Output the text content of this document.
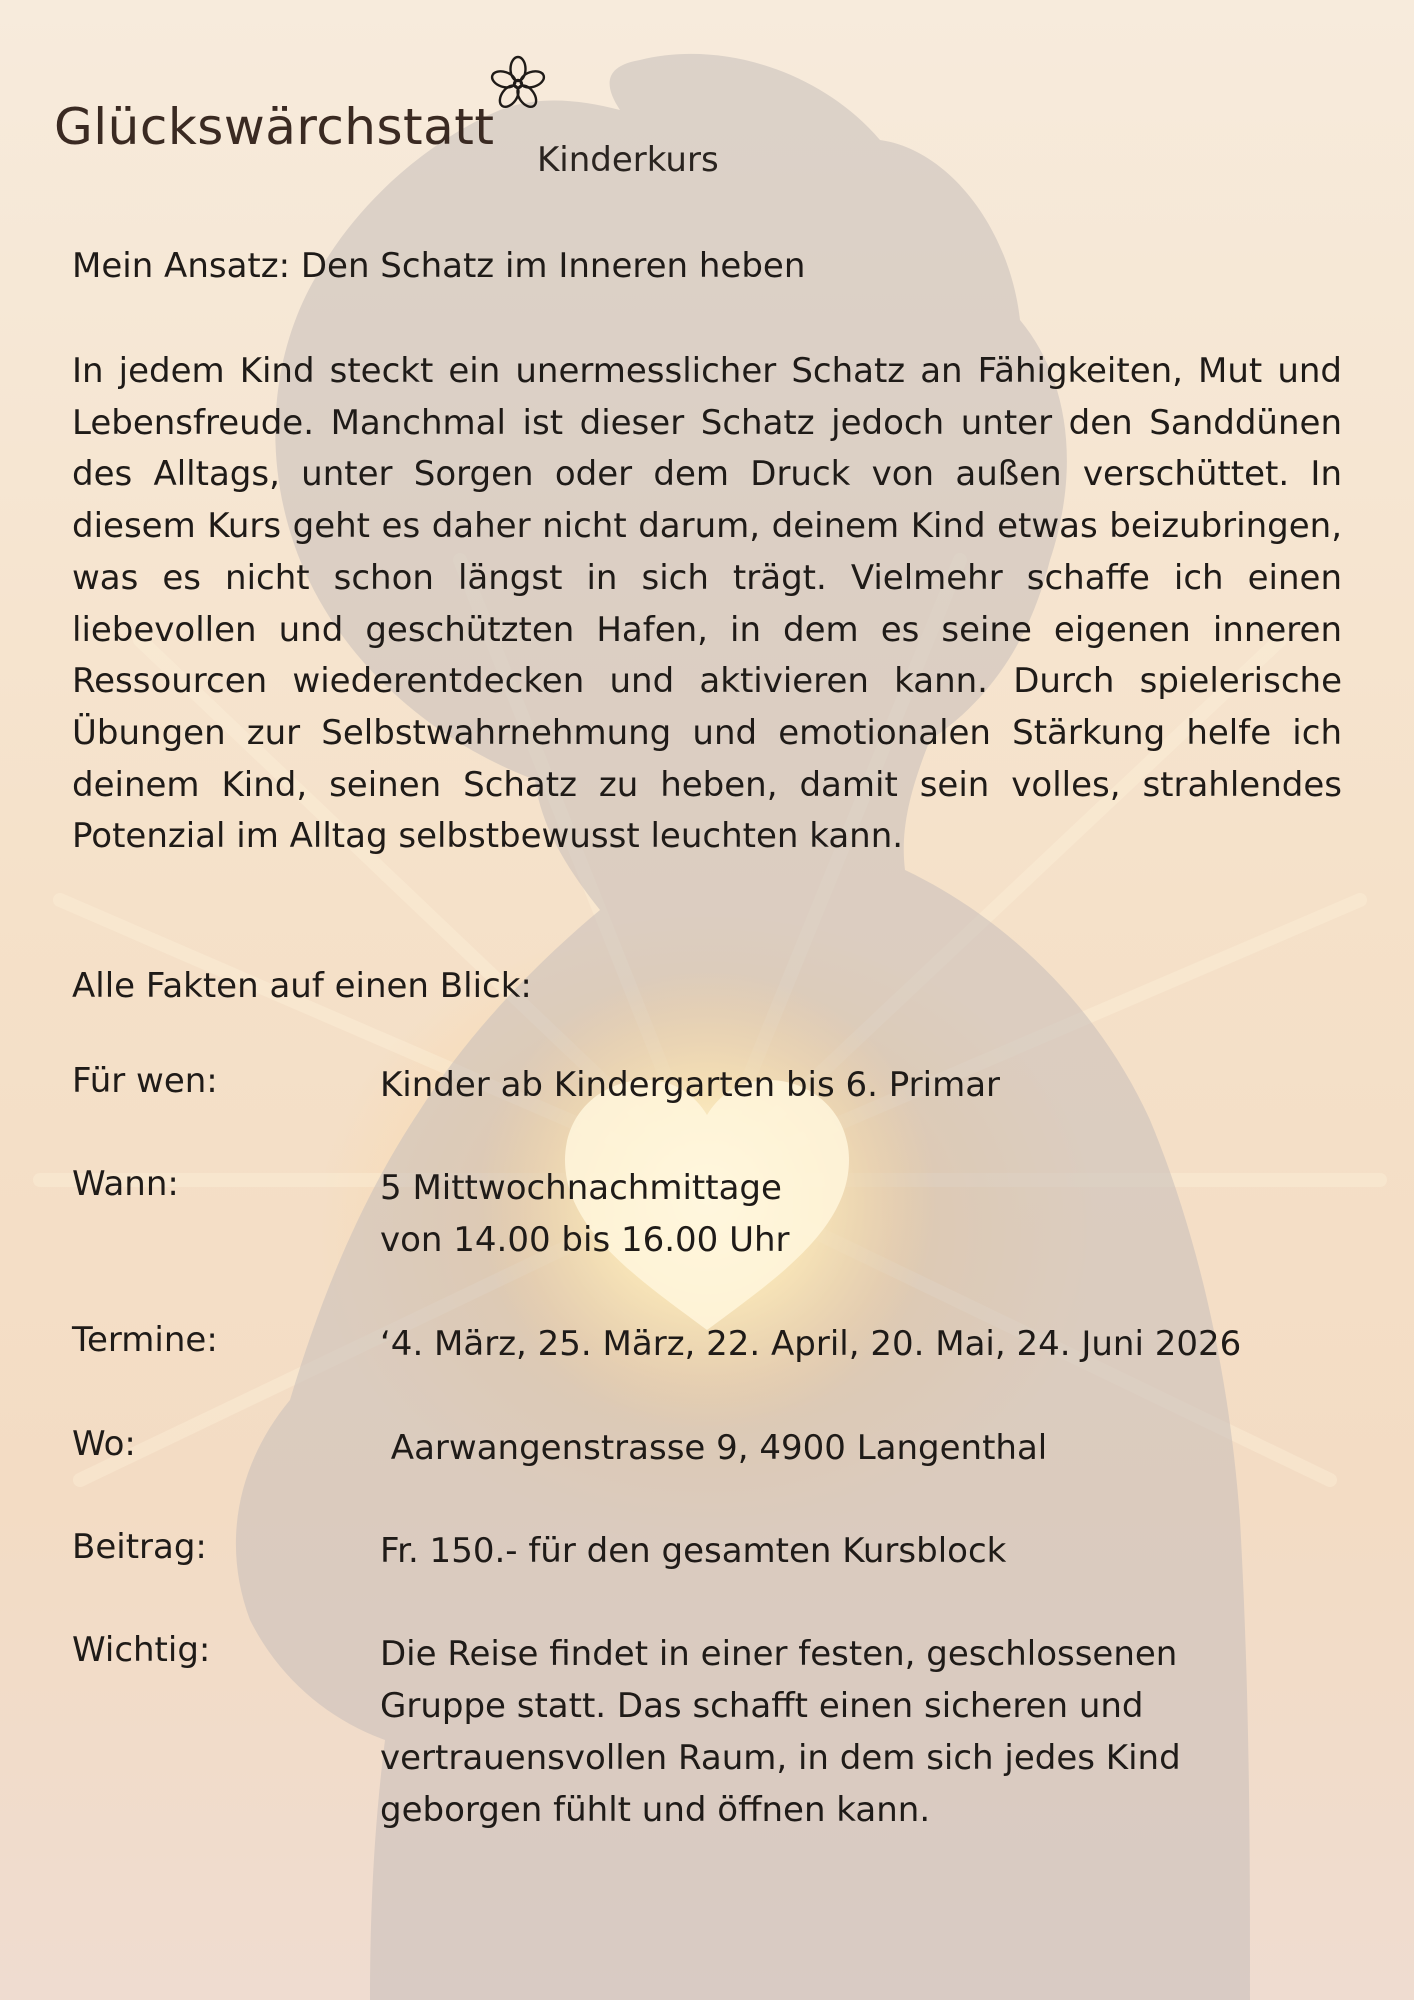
Glückswärchstatt
Kinderkurs
Mein Ansatz: Den Schatz im Inneren heben

In jedem Kind steckt ein unermesslicher Schatz an Fähigkeiten, Mut und Lebensfreude. Manchmal ist dieser Schatz jedoch unter den Sanddünen des Alltags, unter Sorgen oder dem Druck von außen verschüttet. In diesem Kurs geht es daher nicht darum, deinem Kind etwas beizubringen, was es nicht schon längst in sich trägt. Vielmehr schaffe ich einen liebevollen und geschützten Hafen, in dem es seine eigenen inneren Ressourcen wiederentdecken und aktivieren kann. Durch spielerische Übungen zur Selbstwahrnehmung und emotionalen Stärkung helfe ich deinem Kind, seinen Schatz zu heben, damit sein volles, strahlendes Potenzial im Alltag selbstbewusst leuchten kann.

Alle Fakten auf einen Blick:
Für wen:	Kinder ab Kindergarten bis 6. Primar
Wann:	5 Mittwochnachmittage
von 14.00 bis 16.00 Uhr
Termine:	‘4. März, 25. März, 22. April, 20. Mai, 24. Juni 2026
Wo:	Aarwangenstrasse 9, 4900 Langenthal
Beitrag:	Fr. 150.- für den gesamten Kursblock
Wichtig:	Die Reise findet in einer festen, geschlossenen
Gruppe statt. Das schafft einen sicheren und
vertrauensvollen Raum, in dem sich jedes Kind
geborgen fühlt und öffnen kann.
